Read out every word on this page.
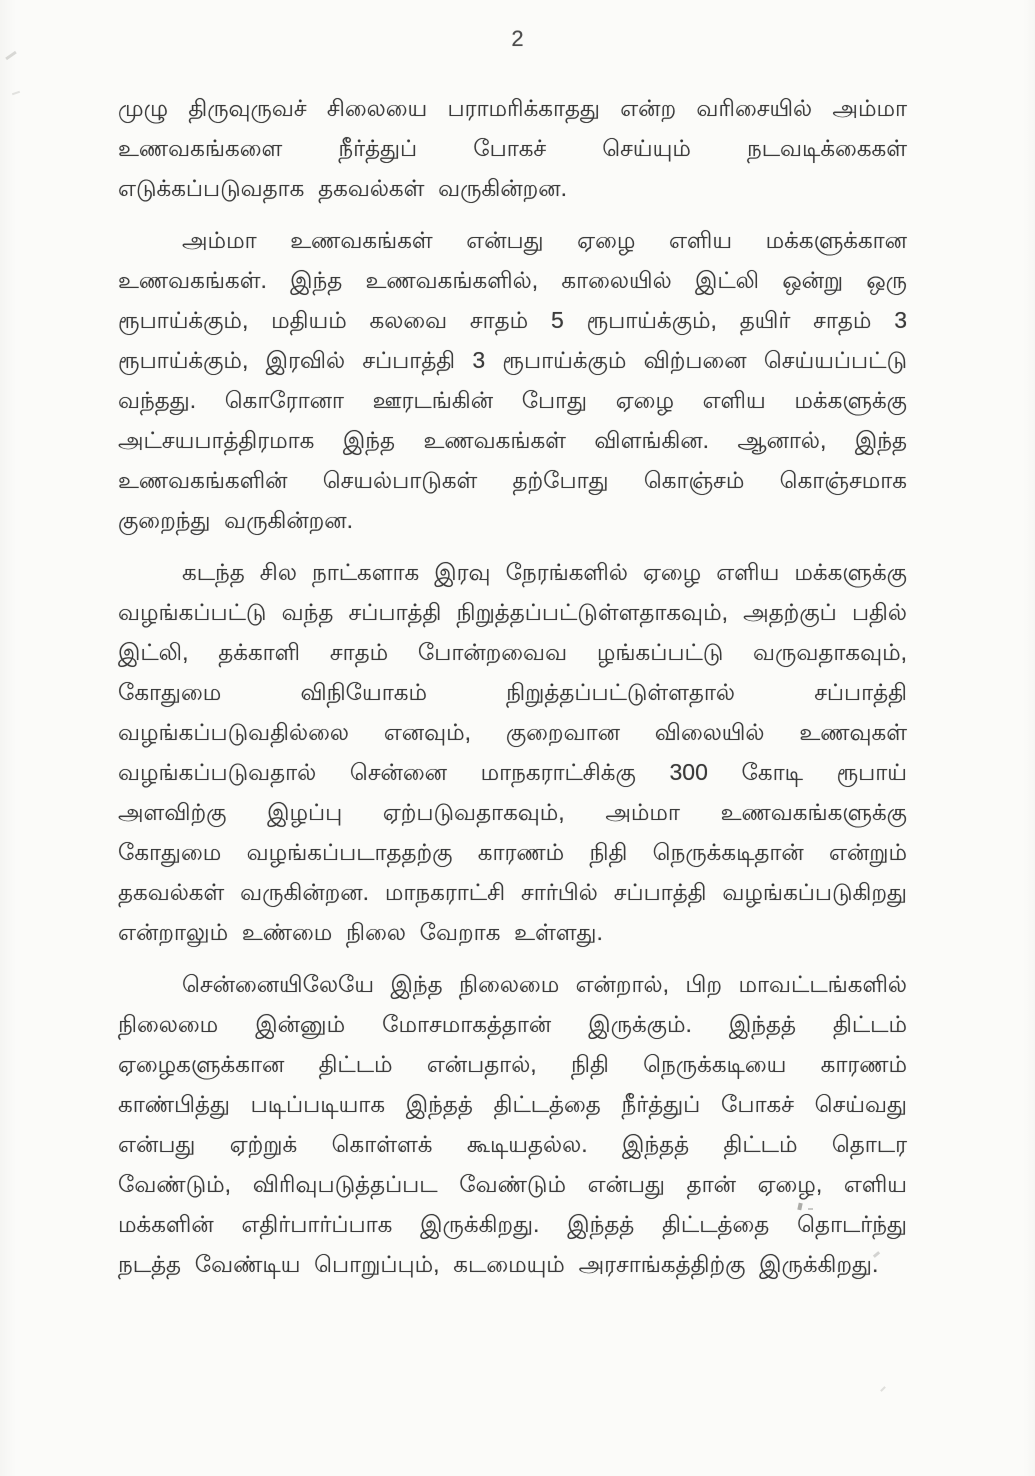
2

முழு திருவுருவச் சிலையை பராமரிக்காதது என்ற வரிசையில் அம்மா உணவகங்களை நீர்த்துப் போகச் செய்யும் நடவடிக்கைகள் எடுக்கப்படுவதாக தகவல்கள் வருகின்றன.

அம்மா உணவகங்கள் என்பது ஏழை எளிய மக்களுக்கான உணவகங்கள். இந்த உணவகங்களில், காலையில் இட்லி ஒன்று ஒரு ரூபாய்க்கும், மதியம் கலவை சாதம் 5 ரூபாய்க்கும், தயிர் சாதம் 3 ரூபாய்க்கும், இரவில் சப்பாத்தி 3 ரூபாய்க்கும் விற்பனை செய்யப்பட்டு வந்தது. கொரோனா ஊரடங்கின் போது ஏழை எளிய மக்களுக்கு அட்சயபாத்திரமாக இந்த உணவகங்கள் விளங்கின. ஆனால், இந்த உணவகங்களின் செயல்பாடுகள் தற்போது கொஞ்சம் கொஞ்சமாக குறைந்து வருகின்றன.

கடந்த சில நாட்களாக இரவு நேரங்களில் ஏழை எளிய மக்களுக்கு வழங்கப்பட்டு வந்த சப்பாத்தி நிறுத்தப்பட்டுள்ளதாகவும், அதற்குப் பதில் இட்லி, தக்காளி சாதம் போன்றவைவ ழங்கப்பட்டு வருவதாகவும், கோதுமை விநியோகம் நிறுத்தப்பட்டுள்ளதால் சப்பாத்தி வழங்கப்படுவதில்லை எனவும், குறைவான விலையில் உணவுகள் வழங்கப்படுவதால் சென்னை மாநகராட்சிக்கு 300 கோடி ரூபாய் அளவிற்கு இழப்பு ஏற்படுவதாகவும், அம்மா உணவகங்களுக்கு கோதுமை வழங்கப்படாததற்கு காரணம் நிதி நெருக்கடிதான் என்றும் தகவல்கள் வருகின்றன. மாநகராட்சி சார்பில் சப்பாத்தி வழங்கப்படுகிறது என்றாலும் உண்மை நிலை வேறாக உள்ளது.

சென்னையிலேயே இந்த நிலைமை என்றால், பிற மாவட்டங்களில் நிலைமை இன்னும் மோசமாகத்தான் இருக்கும். இந்தத் திட்டம் ஏழைகளுக்கான திட்டம் என்பதால், நிதி நெருக்கடியை காரணம் காண்பித்து படிப்படியாக இந்தத் திட்டத்தை நீர்த்துப் போகச் செய்வது என்பது ஏற்றுக் கொள்ளக் கூடியதல்ல. இந்தத் திட்டம் தொடர வேண்டும், விரிவுபடுத்தப்பட வேண்டும் என்பது தான் ஏழை, எளிய மக்களின் எதிர்பார்ப்பாக இருக்கிறது. இந்தத் திட்டத்தை தொடர்ந்து நடத்த வேண்டிய பொறுப்பும், கடமையும் அரசாங்கத்திற்கு இருக்கிறது.
